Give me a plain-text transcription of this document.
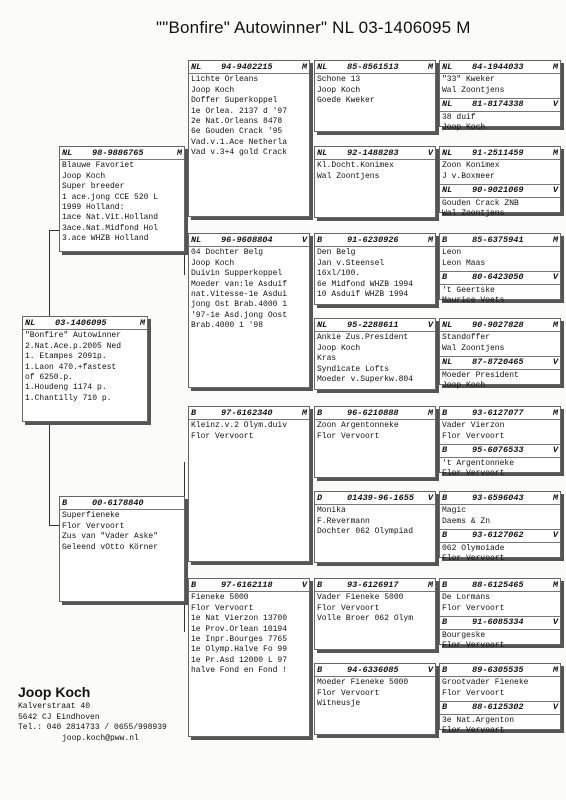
""Bonfire" Autowinner" NL 03-1406095 M
NL	03-1406095	M
"Bonfire" Autowinner
2.Nat.Ace.p.2005 Ned
1. Etampes 2091p.
1.Laon 470.+fastest
of 6250.p.
1.Houdeng 1174 p.
1.Chantilly 710 p.
NL	98-9886765	M
Blauwe Favoriet
Joop Koch
Super breeder
1 ace.jong CCE 520 L
1999 Holland:
1ace Nat.Vit.Holland
3ace.Nat.Midfond Hol
3.ace WHZB Holland
B	00-6178840
Superfieneke
Flor Vervoort
Zus van "Vader Aske"
Geleend vOtto Körner
NL	94-9402215	M
Lichte Orleans
Joop Koch
Doffer Superkoppel
1e Orlea. 2137 d '97
2e Nat.Orleans 8478
6e Gouden Crack '95
Vad.v.1.Ace Netherla
Vad v.3+4 gold Crack
NL	96-9608804	V
04 Dochter Belg
Joop Koch
Duivin Supperkoppel
Moeder van:le Asduif
nat.Vitesse-1e Asdui
jong Ost Brab.4000 1
'97-1e Asd.jong Oost
Brab.4000 1 '98
B	97-6162340	M
Kleinz.v.2 Olym.duiv
Flor Vervoort
B	97-6162118	V
Fieneke 5000
Flor Vervoort
1e Nat Vierzon 13700
1e Prov.Orlean 10194
1e Inpr.Bourges 7765
1e Olymp.Halve Fo 99
1e Pr.Asd 12000 L 97
halve Fond en Fond !
NL	85-8561513	M
Schone 13
Joop Koch
Goede Kweker
NL	92-1488283	V
Kl.Docht.Konimex
Wal Zoontjens
B	91-6230926	M
Den Belg
Jan v.Steensel
16xl/100.
6e Midfond WHZB 1994
10 Asduif WHZB 1994
NL	95-2288611	V
Ankie Zus.President
Joop Koch
Kras
Syndicate Lofts
Moeder v.Superkw.804
B	96-6210888	M
Zoon Argentonneke
Flor Vervoort
D	01439-96-1655	V
Monika
F.Revermann
Dochter 062 Olympiad
B	93-6126917	M
Vader Fieneke 5000
Flor Vervoort
Volle Broer 062 Olym
B	94-6336085	V
Moeder Fieneke 5000
Flor Vervoort
Witneusje
NL	84-1944033	M
"33" Kweker
Wal Zoontjens
NL	81-8174338	V
38 duif
Joop Koch
NL	91-2511459	M
Zoon Konimex
J v.Boxmeer
NL	90-9021069	V
Gouden Crack ZNB
Wal Zoontjens
B	85-6375941	M
Leon
Leon Maas
B	80-6423050	V
't Geertske
Maurice Voets
NL	90-9027828	M
Standoffer
Wal Zoontjens
NL	87-8720465	V
Moeder President
Joop Koch
B	93-6127077	M
Vader Vierzon
Flor Vervoort
B	95-6076533	V
't Argentonneke
Flor Vervoort
B	93-6596043	M
Magic
Daems & Zn
B	93-6127062	V
062 Olymoiade
Flor Vervoort
B	88-6125465	M
De Lormans
Flor Vervoort
B	91-6085334	V
Bourgeske
Flor Vervoort
B	89-6305535	M
Grootvader Fieneke
Flor Vervoort
B	88-6125302	V
3e Nat.Argenton
Flor Vervoort
Joop Koch
Kalverstraat 40
5642 CJ Eindhoven
Tel.: 040 2814733 / 0655/998939
joop.koch@pww.nl
